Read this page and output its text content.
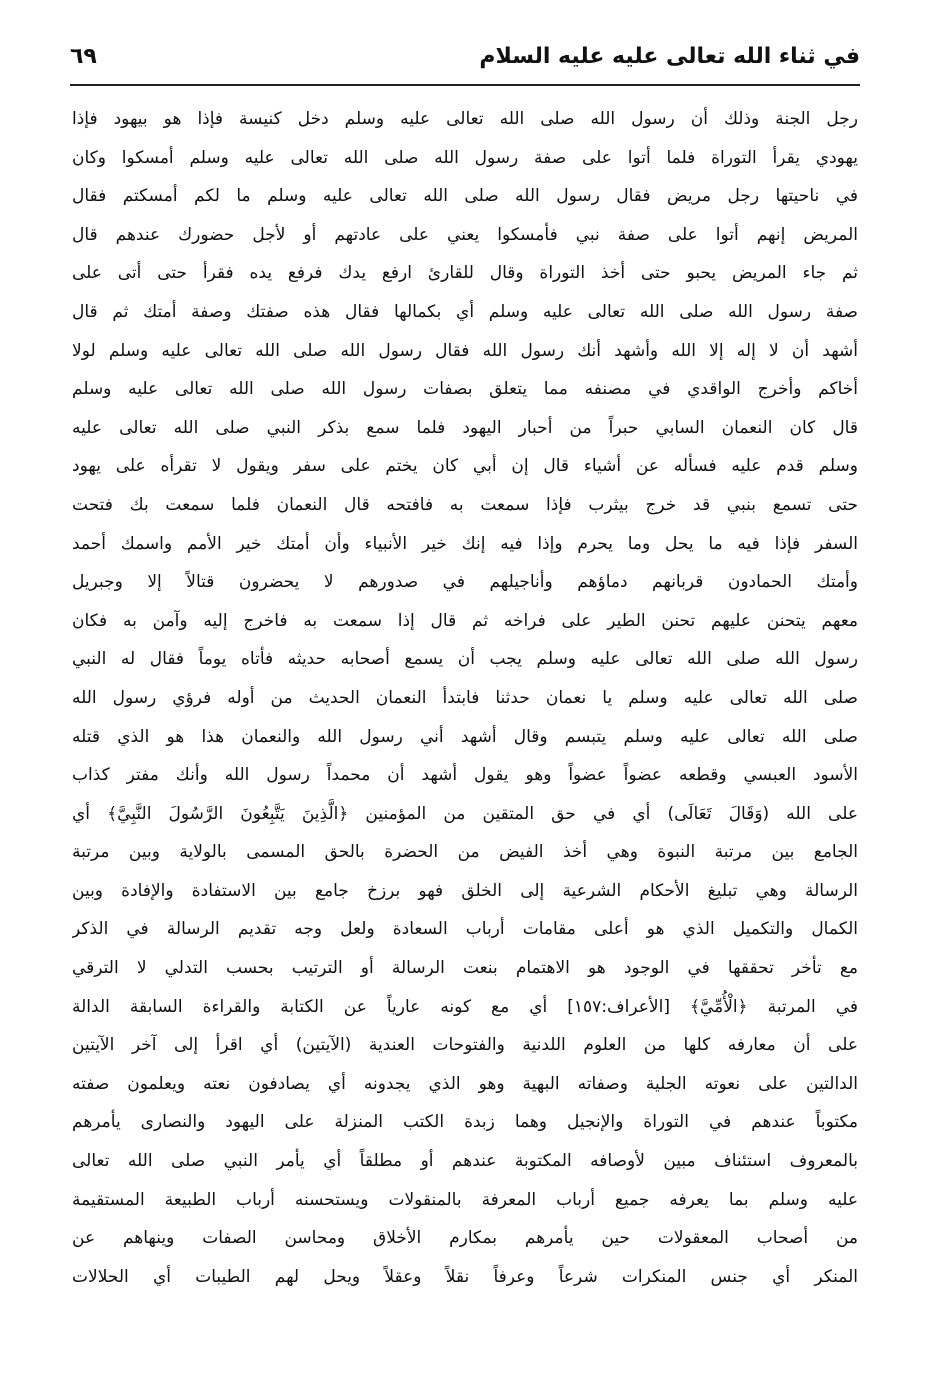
في ثناء الله تعالى عليه عليه السلام
٦٩
رجل الجنة وذلك أن رسول الله صلى الله تعالى عليه وسلم دخل كنيسة فإذا هو بيهود فإذا
يهودي يقرأ التوراة فلما أتوا على صفة رسول الله صلى الله تعالى عليه وسلم أمسكوا وكان
في ناحيتها رجل مريض فقال رسول الله صلى الله تعالى عليه وسلم ما لكم أمسكتم فقال
المريض إنهم أتوا على صفة نبي فأمسكوا يعني على عادتهم أو لأجل حضورك عندهم قال
ثم جاء المريض يحبو حتى أخذ التوراة وقال للقارئ ارفع يدك فرفع يده فقرأ حتى أتى على
صفة رسول الله صلى الله تعالى عليه وسلم أي بكمالها فقال هذه صفتك وصفة أمتك ثم قال
أشهد أن لا إله إلا الله وأشهد أنك رسول الله فقال رسول الله صلى الله تعالى عليه وسلم لولا
أخاكم وأخرج الواقدي في مصنفه مما يتعلق بصفات رسول الله صلى الله تعالى عليه وسلم
قال كان النعمان السابي حبراً من أحبار اليهود فلما سمع بذكر النبي صلى الله تعالى عليه
وسلم قدم عليه فسأله عن أشياء قال إن أبي كان يختم على سفر ويقول لا تقرأه على يهود
حتى تسمع بنبي قد خرج بيثرب فإذا سمعت به فافتحه قال النعمان فلما سمعت بك فتحت
السفر فإذا فيه ما يحل وما يحرم وإذا فيه إنك خير الأنبياء وأن أمتك خير الأمم واسمك أحمد
وأمتك الحمادون قربانهم دماؤهم وأناجيلهم في صدورهم لا يحضرون قتالاً إلا وجبريل
معهم يتحنن عليهم تحنن الطير على فراخه ثم قال إذا سمعت به فاخرج إليه وآمن به فكان
رسول الله صلى الله تعالى عليه وسلم يجب أن يسمع أصحابه حديثه فأتاه يوماً فقال له النبي
صلى الله تعالى عليه وسلم يا نعمان حدثنا فابتدأ النعمان الحديث من أوله فرؤي رسول الله
صلى الله تعالى عليه وسلم يتبسم وقال أشهد أني رسول الله والنعمان هذا هو الذي قتله
الأسود العبسي وقطعه عضواً عضواً وهو يقول أشهد أن محمداً رسول الله وأنك مفتر كذاب
على الله (وَقَالَ تَعَالَى) أي في حق المتقين من المؤمنين ﴿الَّذِينَ يَتَّبِعُونَ الرَّسُولَ النَّبِيَّ﴾ أي
الجامع بين مرتبة النبوة وهي أخذ الفيض من الحضرة بالحق المسمى بالولاية وبين مرتبة
الرسالة وهي تبليغ الأحكام الشرعية إلى الخلق فهو برزخ جامع بين الاستفادة والإفادة وبين
الكمال والتكميل الذي هو أعلى مقامات أرباب السعادة ولعل وجه تقديم الرسالة في الذكر
مع تأخر تحققها في الوجود هو الاهتمام بنعت الرسالة أو الترتيب بحسب التدلي لا الترقي
في المرتبة ﴿الْأُمِّيَّ﴾ [الأعراف:١٥٧] أي مع كونه عارياً عن الكتابة والقراءة السابقة الدالة
على أن معارفه كلها من العلوم اللدنية والفتوحات العندية (الآيتين) أي اقرأ إلى آخر الآيتين
الدالتين على نعوته الجلية وصفاته البهية وهو الذي يجدونه أي يصادفون نعته ويعلمون صفته
مكتوباً عندهم في التوراة والإنجيل وهما زبدة الكتب المنزلة على اليهود والنصارى يأمرهم
بالمعروف استئناف مبين لأوصافه المكتوبة عندهم أو مطلقاً أي يأمر النبي صلى الله تعالى
عليه وسلم بما يعرفه جميع أرباب المعرفة بالمنقولات ويستحسنه أرباب الطبيعة المستقيمة
من أصحاب المعقولات حين يأمرهم بمكارم الأخلاق ومحاسن الصفات وينهاهم عن
المنكر أي جنس المنكرات شرعاً وعرفاً نقلاً وعقلاً ويحل لهم الطيبات أي الحلالات
